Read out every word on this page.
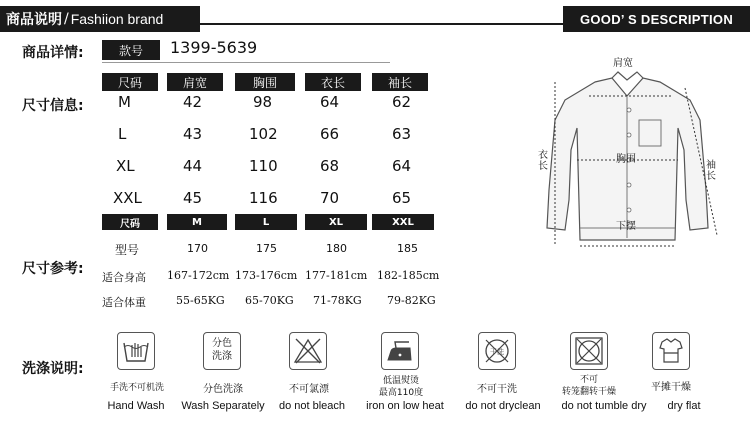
商品说明 / Fashiion brand	GOOD’ S DESCRIPTION
商品详情:	款号	1399-5639
尺寸信息:
尺码	肩宽	胸围	衣长	袖长
M	42	98	64	62
L	43	102	66	63
XL	44	110	68	64
XXL	45	116	70	65
尺寸参考:
尺码	M	L	XL	XXL
型号	170	175	180	185
适合身高 167-172cm 173-176cm 177-181cm 182-185cm
适合体重	55-65KG 65-70KG 71-78KG 79-82KG
肩宽
胸围
衣长	袖长
下摆
洗涤说明:
分色
洗涤	干洗
手洗不可机洗
Hand Wash
分色洗涤
Wash Separately
不可氯漂
do not bleach
低温熨烫
最高110度
iron on low heat
不可干洗
do not dryclean
不可
转笼翻转干燥
do not tumble dry
平摊干燥
dry flat
